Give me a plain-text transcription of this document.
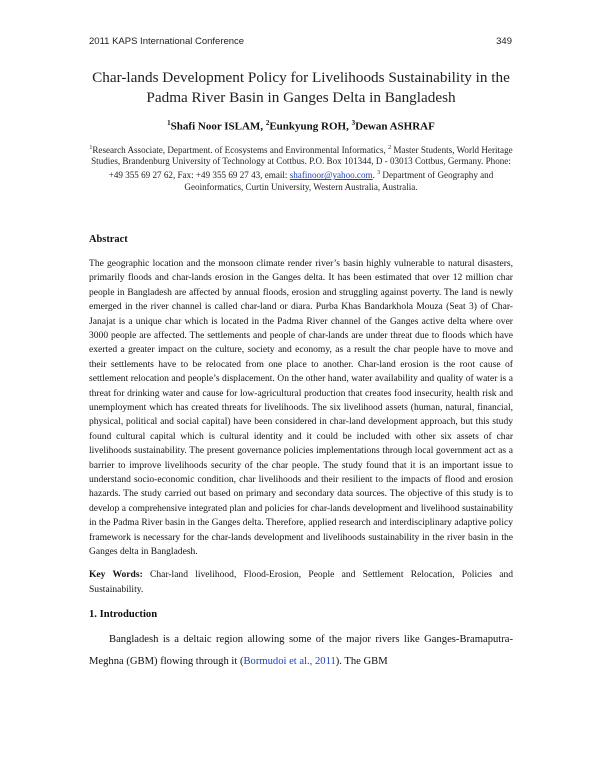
2011 KAPS International Conference	349
Char-lands Development Policy for Livelihoods Sustainability in the Padma River Basin in Ganges Delta in Bangladesh
$^1$Shafi Noor ISLAM, $^2$Eunkyung ROH, $^3$Dewan ASHRAF
$^1$Research Associate, Department. of Ecosystems and Environmental Informatics, $^2$ Master Students, World Heritage Studies, Brandenburg University of Technology at Cottbus. P.O. Box 101344, D - 03013 Cottbus, Germany. Phone: +49 355 69 27 62, Fax: +49 355 69 27 43, email: shafinoor@yahoo.com. $^3$ Department of Geography and Geoinformatics, Curtin University, Western Australia, Australia.
Abstract
The geographic location and the monsoon climate render river’s basin highly vulnerable to natural disasters, primarily floods and char-lands erosion in the Ganges delta. It has been estimated that over 12 million char people in Bangladesh are affected by annual floods, erosion and struggling against poverty. The land is newly emerged in the river channel is called char-land or diara. Purba Khas Bandarkhola Mouza (Seat 3) of Char-Janajat is a unique char which is located in the Padma River channel of the Ganges active delta where over 3000 people are affected. The settlements and people of char-lands are under threat due to floods which have exerted a greater impact on the culture, society and economy, as a result the char people have to move and their settlements have to be relocated from one place to another. Char-land erosion is the root cause of settlement relocation and people’s displacement. On the other hand, water availability and quality of water is a threat for drinking water and cause for low-agricultural production that creates food insecurity, health risk and unemployment which has created threats for livelihoods. The six livelihood assets (human, natural, financial, physical, political and social capital) have been considered in char-land development approach, but this study found cultural capital which is cultural identity and it could be included with other six assets of char livelihoods sustainability. The present governance policies implementations through local government act as a barrier to improve livelihoods security of the char people. The study found that it is an important issue to understand socio-economic condition, char livelihoods and their resilient to the impacts of flood and erosion hazards. The study carried out based on primary and secondary data sources. The objective of this study is to develop a comprehensive integrated plan and policies for char-lands development and livelihood sustainability in the Padma River basin in the Ganges delta. Therefore, applied research and interdisciplinary adaptive policy framework is necessary for the char-lands development and livelihoods sustainability in the river basin in the Ganges delta in Bangladesh.
Key Words: Char-land livelihood, Flood-Erosion, People and Settlement Relocation, Policies and Sustainability.
1. Introduction
Bangladesh is a deltaic region allowing some of the major rivers like Ganges-Bramaputra-Meghna (GBM) flowing through it (Bormudoi et al., 2011). The GBM
